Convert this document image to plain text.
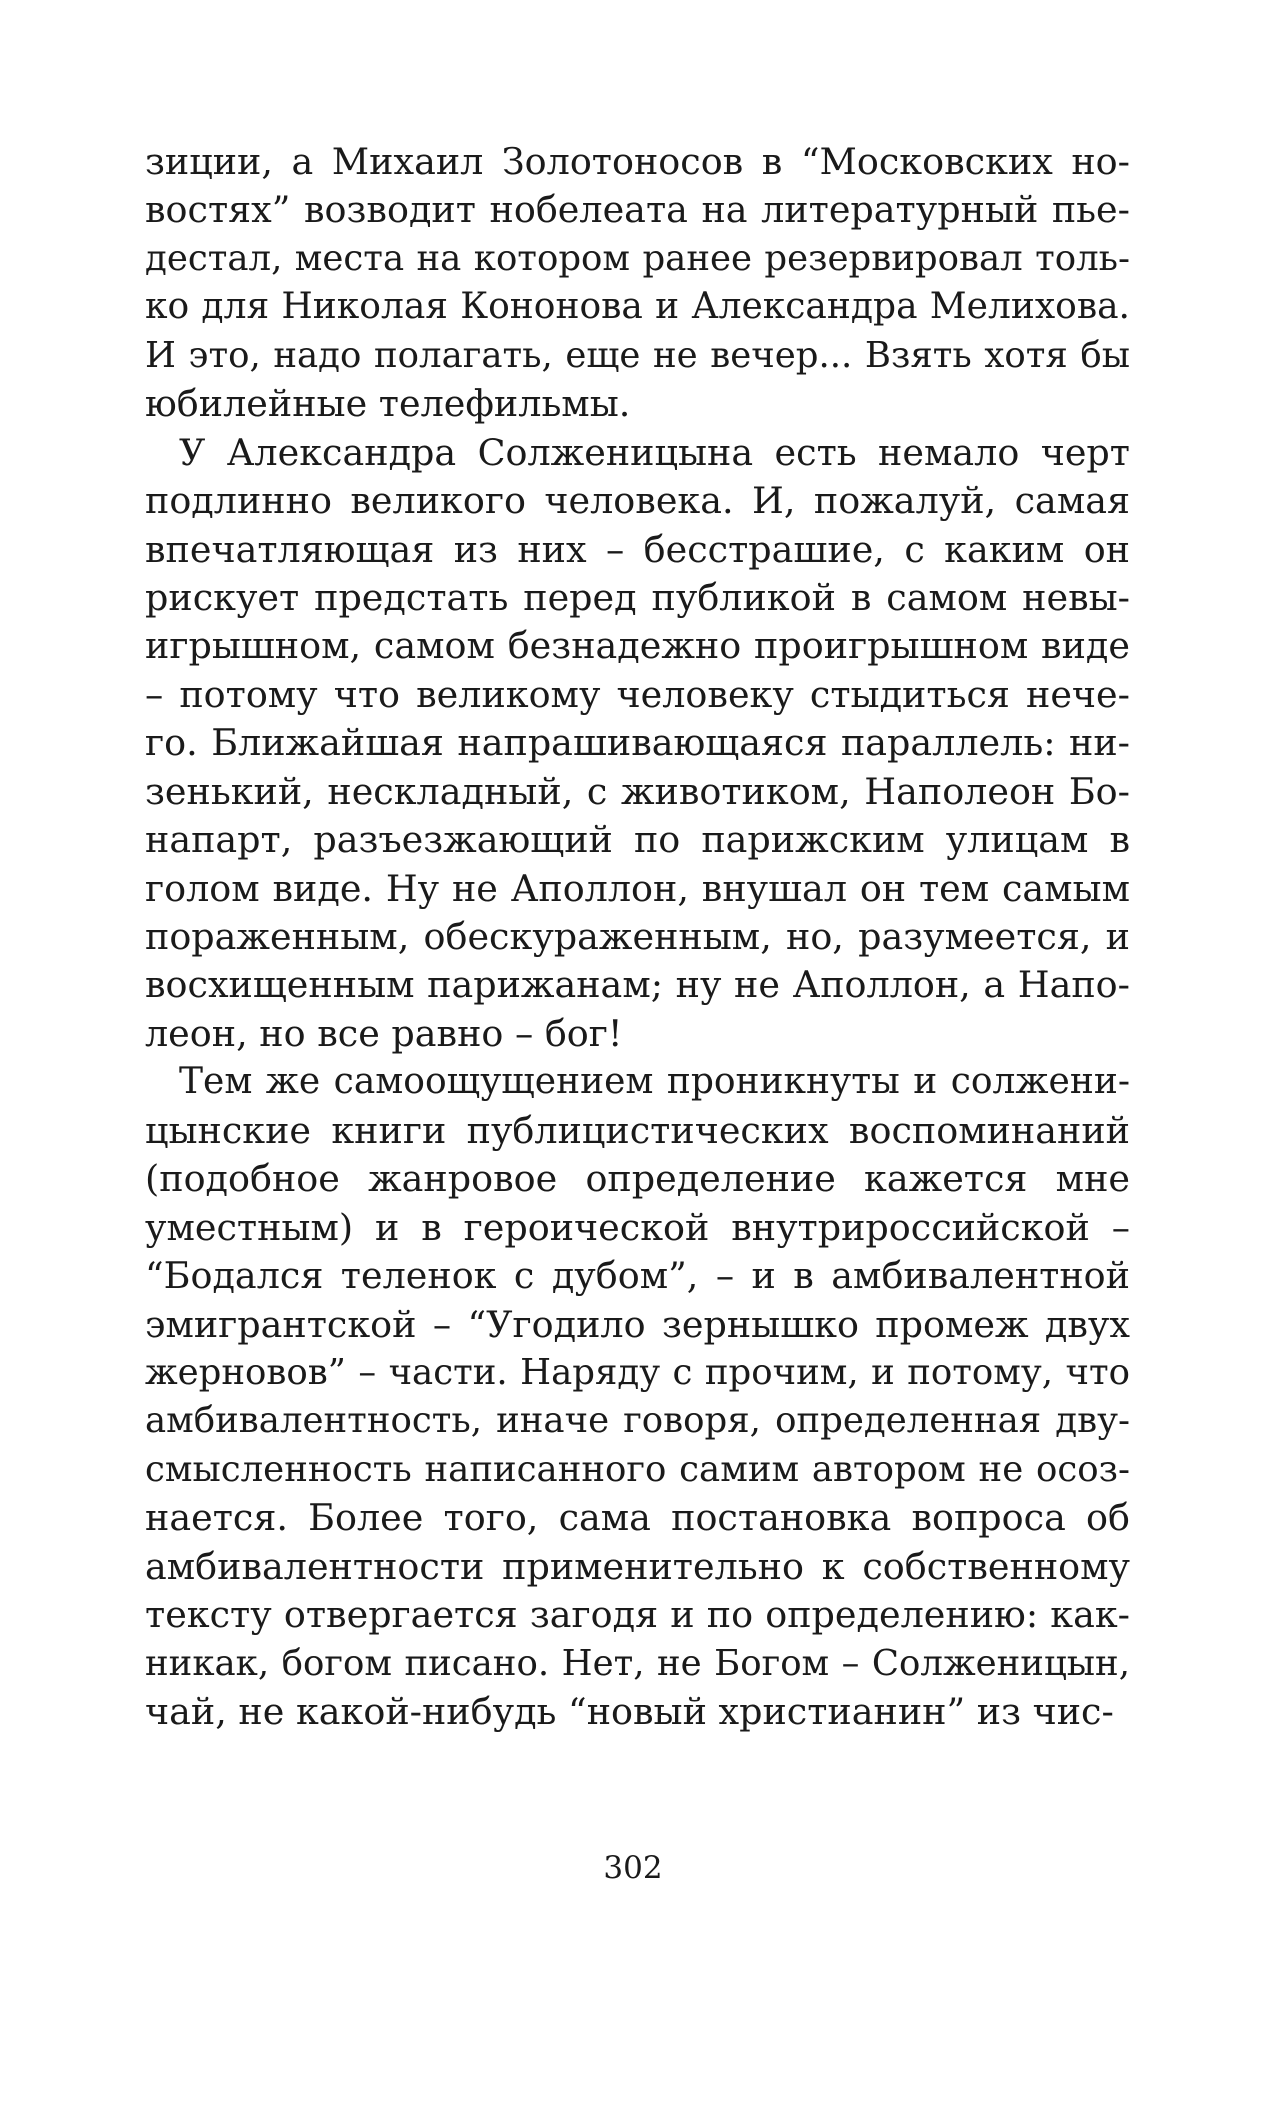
зиции, а Михаил Золотоносов в “Московских но-
востях” возводит нобелеата на литературный пье-
дестал, места на котором ранее резервировал толь-
ко для Николая Кононова и Александра Мелихова.
И это, надо полагать, еще не вечер... Взять хотя бы
юбилейные телефильмы.
У Александра Солженицына есть немало черт
подлинно великого человека. И, пожалуй, самая
впечатляющая из них – бесстрашие, с каким он
рискует предстать перед публикой в самом невы-
игрышном, самом безнадежно проигрышном виде
– потому что великому человеку стыдиться нече-
го. Ближайшая напрашивающаяся параллель: ни-
зенький, нескладный, с животиком, Наполеон Бо-
напарт, разъезжающий по парижским улицам в
голом виде. Ну не Аполлон, внушал он тем самым
пораженным, обескураженным, но, разумеется, и
восхищенным парижанам; ну не Аполлон, а Напо-
леон, но все равно – бог!
Тем же самоощущением проникнуты и солжени-
цынские книги публицистических воспоминаний
(подобное жанровое определение кажется мне
уместным) и в героической внутрироссийской –
“Бодался теленок с дубом”, – и в амбивалентной
эмигрантской – “Угодило зернышко промеж двух
жерновов” – части. Наряду с прочим, и потому, что
амбивалентность, иначе говоря, определенная дву-
смысленность написанного самим автором не осоз-
нается. Более того, сама постановка вопроса об
амбивалентности применительно к собственному
тексту отвергается загодя и по определению: как-
никак, богом писано. Нет, не Богом – Солженицын,
чай, не какой-нибудь “новый христианин” из чис-
302
